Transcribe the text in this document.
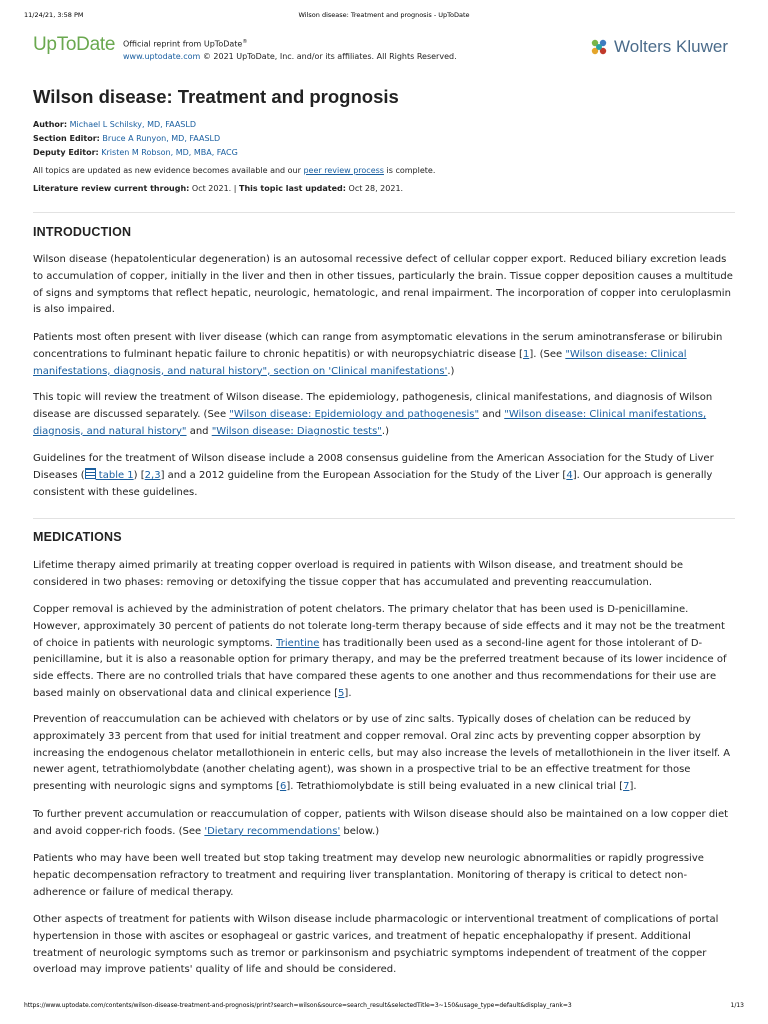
11/24/21, 3:58 PM	Wilson disease: Treatment and prognosis - UpToDate
UpToDate Official reprint from UpToDate®
www.uptodate.com © 2021 UpToDate, Inc. and/or its affiliates. All Rights Reserved.
Wolters Kluwer
Wilson disease: Treatment and prognosis
Author: Michael L Schilsky, MD, FAASLD
Section Editor: Bruce A Runyon, MD, FAASLD
Deputy Editor: Kristen M Robson, MD, MBA, FACG
All topics are updated as new evidence becomes available and our peer review process is complete.
Literature review current through: Oct 2021. | This topic last updated: Oct 28, 2021.
INTRODUCTION

Wilson disease (hepatolenticular degeneration) is an autosomal recessive defect of cellular copper export. Reduced biliary excretion leads to accumulation of copper, initially in the liver and then in other tissues, particularly the brain. Tissue copper deposition causes a multitude of signs and symptoms that reflect hepatic, neurologic, hematologic, and renal impairment. The incorporation of copper into ceruloplasmin is also impaired.

Patients most often present with liver disease (which can range from asymptomatic elevations in the serum aminotransferase or bilirubin concentrations to fulminant hepatic failure to chronic hepatitis) or with neuropsychiatric disease [1]. (See "Wilson disease: Clinical manifestations, diagnosis, and natural history", section on 'Clinical manifestations'.)

This topic will review the treatment of Wilson disease. The epidemiology, pathogenesis, clinical manifestations, and diagnosis of Wilson disease are discussed separately. (See "Wilson disease: Epidemiology and pathogenesis" and "Wilson disease: Clinical manifestations, diagnosis, and natural history" and "Wilson disease: Diagnostic tests".)

Guidelines for the treatment of Wilson disease include a 2008 consensus guideline from the American Association for the Study of Liver Diseases ( table 1) [2,3] and a 2012 guideline from the European Association for the Study of the Liver [4]. Our approach is generally consistent with these guidelines.

MEDICATIONS

Lifetime therapy aimed primarily at treating copper overload is required in patients with Wilson disease, and treatment should be considered in two phases: removing or detoxifying the tissue copper that has accumulated and preventing reaccumulation.

Copper removal is achieved by the administration of potent chelators. The primary chelator that has been used is D-penicillamine. However, approximately 30 percent of patients do not tolerate long-term therapy because of side effects and it may not be the treatment of choice in patients with neurologic symptoms. Trientine has traditionally been used as a second-line agent for those intolerant of D-penicillamine, but it is also a reasonable option for primary therapy, and may be the preferred treatment because of its lower incidence of side effects. There are no controlled trials that have compared these agents to one another and thus recommendations for their use are based mainly on observational data and clinical experience [5].

Prevention of reaccumulation can be achieved with chelators or by use of zinc salts. Typically doses of chelation can be reduced by approximately 33 percent from that used for initial treatment and copper removal. Oral zinc acts by preventing copper absorption by increasing the endogenous chelator metallothionein in enteric cells, but may also increase the levels of metallothionein in the liver itself. A newer agent, tetrathiomolybdate (another chelating agent), was shown in a prospective trial to be an effective treatment for those presenting with neurologic signs and symptoms [6]. Tetrathiomolybdate is still being evaluated in a new clinical trial [7].

To further prevent accumulation or reaccumulation of copper, patients with Wilson disease should also be maintained on a low copper diet and avoid copper-rich foods. (See 'Dietary recommendations' below.)

Patients who may have been well treated but stop taking treatment may develop new neurologic abnormalities or rapidly progressive hepatic decompensation refractory to treatment and requiring liver transplantation. Monitoring of therapy is critical to detect non-adherence or failure of medical therapy.

Other aspects of treatment for patients with Wilson disease include pharmacologic or interventional treatment of complications of portal hypertension in those with ascites or esophageal or gastric varices, and treatment of hepatic encephalopathy if present. Additional treatment of neurologic symptoms such as tremor or parkinsonism and psychiatric symptoms independent of treatment of the copper overload may improve patients' quality of life and should be considered.

https://www.uptodate.com/contents/wilson-disease-treatment-and-prognosis/print?search=wilson&source=search_result&selectedTitle=3~150&usage_type=default&display_rank=3	1/13
